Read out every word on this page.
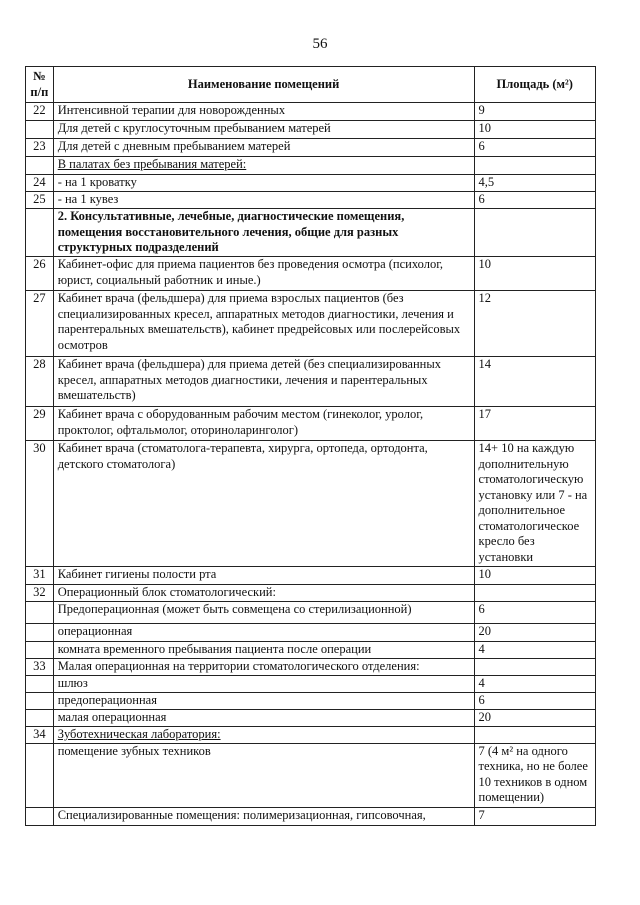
56
№
п/п	Наименование помещений	Площадь (м²)
22	Интенсивной терапии для новорожденных	9
	Для детей с круглосуточным пребыванием матерей	10
23	Для детей с дневным пребыванием матерей	6
	В палатах без пребывания матерей:	
24	- на 1 кроватку	4,5
25	- на 1 кувез	6
	2. Консультативные, лечебные, диагностические помещения, помещения восстановительного лечения, общие для разных структурных подразделений	
26	Кабинет-офис для приема пациентов без проведения осмотра (психолог, юрист, социальный работник и иные.)	10
27	Кабинет врача (фельдшера) для приема взрослых пациентов (без специализированных кресел, аппаратных методов диагностики, лечения и парентеральных вмешательств), кабинет предрейсовых или послерейсовых осмотров	12
28	Кабинет врача (фельдшера) для приема детей (без специализированных кресел, аппаратных методов диагностики, лечения и парентеральных вмешательств)	14
29	Кабинет врача с оборудованным рабочим местом (гинеколог, уролог, проктолог, офтальмолог, оториноларинголог)	17
30	Кабинет врача (стоматолога-терапевта, хирурга, ортопеда, ортодонта, детского стоматолога)	14+ 10 на каждую дополнительную стоматологическую установку или 7 - на дополнительное стоматологическое кресло без установки
31	Кабинет гигиены полости рта	10
32	Операционный блок стоматологический:	
	Предоперационная (может быть совмещена со стерилизационной)	6
	операционная	20
	комната временного пребывания пациента после операции	4
33	Малая операционная на территории стоматологического отделения:	
	шлюз	4
	предоперационная	6
	малая операционная	20
34	Зуботехническая лаборатория:	
	помещение зубных техников	7 (4 м² на одного техника, но не более 10 техников в одном помещении)
	Специализированные помещения: полимеризационная, гипсовочная,	7
